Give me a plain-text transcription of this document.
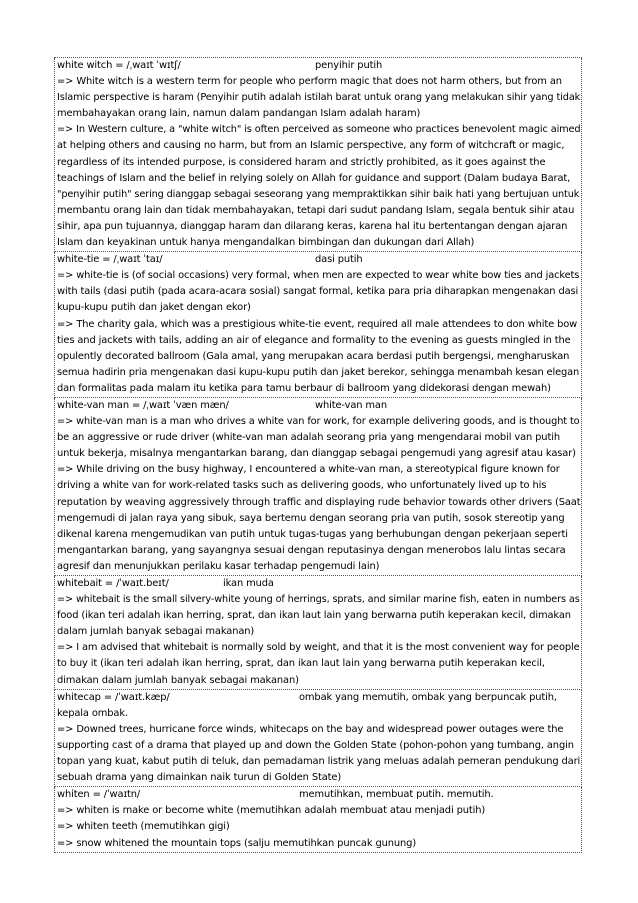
white witch = /ˌwaɪt ˈwɪtʃ/	penyihir putih
=> White witch is a western term for people who perform magic that does not harm others, but from an
Islamic perspective is haram (Penyihir putih adalah istilah barat untuk orang yang melakukan sihir yang tidak
membahayakan orang lain, namun dalam pandangan Islam adalah haram)
=> In Western culture, a "white witch" is often perceived as someone who practices benevolent magic aimed
at helping others and causing no harm, but from an Islamic perspective, any form of witchcraft or magic,
regardless of its intended purpose, is considered haram and strictly prohibited, as it goes against the
teachings of Islam and the belief in relying solely on Allah for guidance and support (Dalam budaya Barat,
"penyihir putih" sering dianggap sebagai seseorang yang mempraktikkan sihir baik hati yang bertujuan untuk
membantu orang lain dan tidak membahayakan, tetapi dari sudut pandang Islam, segala bentuk sihir atau
sihir, apa pun tujuannya, dianggap haram dan dilarang keras, karena hal itu bertentangan dengan ajaran
Islam dan keyakinan untuk hanya mengandalkan bimbingan dan dukungan dari Allah)
white-tie = /ˌwaɪt ˈtaɪ/	dasi putih
=> white-tie is (of social occasions) very formal, when men are expected to wear white bow ties and jackets
with tails (dasi putih (pada acara-acara sosial) sangat formal, ketika para pria diharapkan mengenakan dasi
kupu-kupu putih dan jaket dengan ekor)
=> The charity gala, which was a prestigious white-tie event, required all male attendees to don white bow
ties and jackets with tails, adding an air of elegance and formality to the evening as guests mingled in the
opulently decorated ballroom (Gala amal, yang merupakan acara berdasi putih bergengsi, mengharuskan
semua hadirin pria mengenakan dasi kupu-kupu putih dan jaket berekor, sehingga menambah kesan elegan
dan formalitas pada malam itu ketika para tamu berbaur di ballroom yang didekorasi dengan mewah)
white-van man = /ˌwaɪt ˈvæn mæn/	white-van man
=> white-van man is a man who drives a white van for work, for example delivering goods, and is thought to
be an aggressive or rude driver (white-van man adalah seorang pria yang mengendarai mobil van putih
untuk bekerja, misalnya mengantarkan barang, dan dianggap sebagai pengemudi yang agresif atau kasar)
=> While driving on the busy highway, I encountered a white-van man, a stereotypical figure known for
driving a white van for work-related tasks such as delivering goods, who unfortunately lived up to his
reputation by weaving aggressively through traffic and displaying rude behavior towards other drivers (Saat
mengemudi di jalan raya yang sibuk, saya bertemu dengan seorang pria van putih, sosok stereotip yang
dikenal karena mengemudikan van putih untuk tugas-tugas yang berhubungan dengan pekerjaan seperti
mengantarkan barang, yang sayangnya sesuai dengan reputasinya dengan menerobos lalu lintas secara
agresif dan menunjukkan perilaku kasar terhadap pengemudi lain)
whitebait = /ˈwaɪt.beɪt/	ikan muda
=> whitebait is the small silvery-white young of herrings, sprats, and similar marine fish, eaten in numbers as
food (ikan teri adalah ikan herring, sprat, dan ikan laut lain yang berwarna putih keperakan kecil, dimakan
dalam jumlah banyak sebagai makanan)
=> I am advised that whitebait is normally sold by weight, and that it is the most convenient way for people
to buy it (ikan teri adalah ikan herring, sprat, dan ikan laut lain yang berwarna putih keperakan kecil,
dimakan dalam jumlah banyak sebagai makanan)
whitecap = /ˈwaɪt.kæp/	ombak yang memutih, ombak yang berpuncak putih,
kepala ombak.
=> Downed trees, hurricane force winds, whitecaps on the bay and widespread power outages were the
supporting cast of a drama that played up and down the Golden State (pohon-pohon yang tumbang, angin
topan yang kuat, kabut putih di teluk, dan pemadaman listrik yang meluas adalah pemeran pendukung dari
sebuah drama yang dimainkan naik turun di Golden State)
whiten = /ˈwaɪtn/	memutihkan, membuat putih. memutih.
=> whiten is make or become white (memutihkan adalah membuat atau menjadi putih)
=> whiten teeth (memutihkan gigi)
=> snow whitened the mountain tops (salju memutihkan puncak gunung)
